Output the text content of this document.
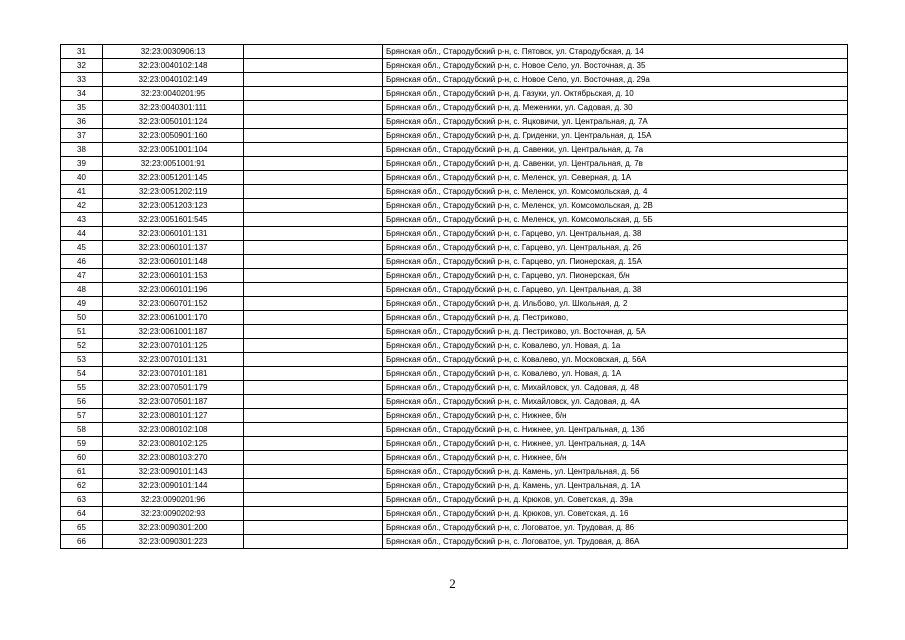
31	32:23:0030906:13		Брянская обл., Стародубский р-н, с. Пятовск, ул. Стародубская, д. 14
32	32:23:0040102:148		Брянская обл., Стародубский р-н, с. Новое Село, ул. Восточная, д. 35
33	32:23:0040102:149		Брянская обл., Стародубский р-н, с. Новое Село, ул. Восточная, д. 29а
34	32:23:0040201:95		Брянская обл., Стародубский р-н, д. Газуки, ул. Октябрьская, д. 10
35	32:23:0040301:111		Брянская обл., Стародубский р-н, д. Меженики, ул. Садовая, д. 30
36	32:23:0050101:124		Брянская обл., Стародубский р-н, с. Яцковичи, ул. Центральная, д. 7А
37	32:23:0050901:160		Брянская обл., Стародубский р-н, д. Гриденки, ул. Центральная, д. 15А
38	32:23:0051001:104		Брянская обл., Стародубский р-н, д. Савенки, ул. Центральная, д. 7а
39	32:23:0051001:91		Брянская обл., Стародубский р-н, д. Савенки, ул. Центральная, д. 7в
40	32:23:0051201:145		Брянская обл., Стародубский р-н, с. Меленск, ул. Северная, д. 1А
41	32:23:0051202:119		Брянская обл., Стародубский р-н, с. Меленск, ул. Комсомольская, д. 4
42	32:23:0051203:123		Брянская обл., Стародубский р-н, с. Меленск, ул. Комсомольская, д. 2В
43	32:23:0051601:545		Брянская обл., Стародубский р-н, с. Меленск, ул. Комсомольская, д. 5Б
44	32:23:0060101:131		Брянская обл., Стародубский р-н, с. Гарцево, ул. Центральная, д. 38
45	32:23:0060101:137		Брянская обл., Стародубский р-н, с. Гарцево, ул. Центральная, д. 26
46	32:23:0060101:148		Брянская обл., Стародубский р-н, с. Гарцево, ул. Пионерская, д. 15А
47	32:23:0060101:153		Брянская обл., Стародубский р-н, с. Гарцево, ул. Пионерская, б/н
48	32:23:0060101:196		Брянская обл., Стародубский р-н, с. Гарцево, ул. Центральная, д. 38
49	32:23:0060701:152		Брянская обл., Стародубский р-н, д. Ильбово, ул. Школьная, д. 2
50	32:23:0061001:170		Брянская обл., Стародубский р-н, д. Пестриково,
51	32:23:0061001:187		Брянская обл., Стародубский р-н, д. Пестриково, ул. Восточная, д. 5А
52	32:23:0070101:125		Брянская обл., Стародубский р-н, с. Ковалево, ул. Новая, д. 1а
53	32:23:0070101:131		Брянская обл., Стародубский р-н, с. Ковалево, ул. Московская, д. 56А
54	32:23:0070101:181		Брянская обл., Стародубский р-н, с. Ковалево, ул. Новая, д. 1А
55	32:23:0070501:179		Брянская обл., Стародубский р-н, с. Михайловск, ул. Садовая, д. 48
56	32:23:0070501:187		Брянская обл., Стародубский р-н, с. Михайловск, ул. Садовая, д. 4А
57	32:23:0080101:127		Брянская обл., Стародубский р-н, с. Нижнее, б/н
58	32:23:0080102:108		Брянская обл., Стародубский р-н, с. Нижнее, ул. Центральная, д. 13б
59	32:23:0080102:125		Брянская обл., Стародубский р-н, с. Нижнее, ул. Центральная, д. 14А
60	32:23:0080103:270		Брянская обл., Стародубский р-н, с. Нижнее, б/н
61	32:23:0090101:143		Брянская обл., Стародубский р-н, д. Камень, ул. Центральная, д. 56
62	32:23:0090101:144		Брянская обл., Стародубский р-н, д. Камень, ул. Центральная, д. 1А
63	32:23:0090201:96		Брянская обл., Стародубский р-н, д. Крюков, ул. Советская, д. 39а
64	32:23:0090202:93		Брянская обл., Стародубский р-н, д. Крюков, ул. Советская, д. 16
65	32:23:0090301:200		Брянская обл., Стародубский р-н, с. Логоватое, ул. Трудовая, д. 86
66	32:23:0090301:223		Брянская обл., Стародубский р-н, с. Логоватое, ул. Трудовая, д. 86А
2
